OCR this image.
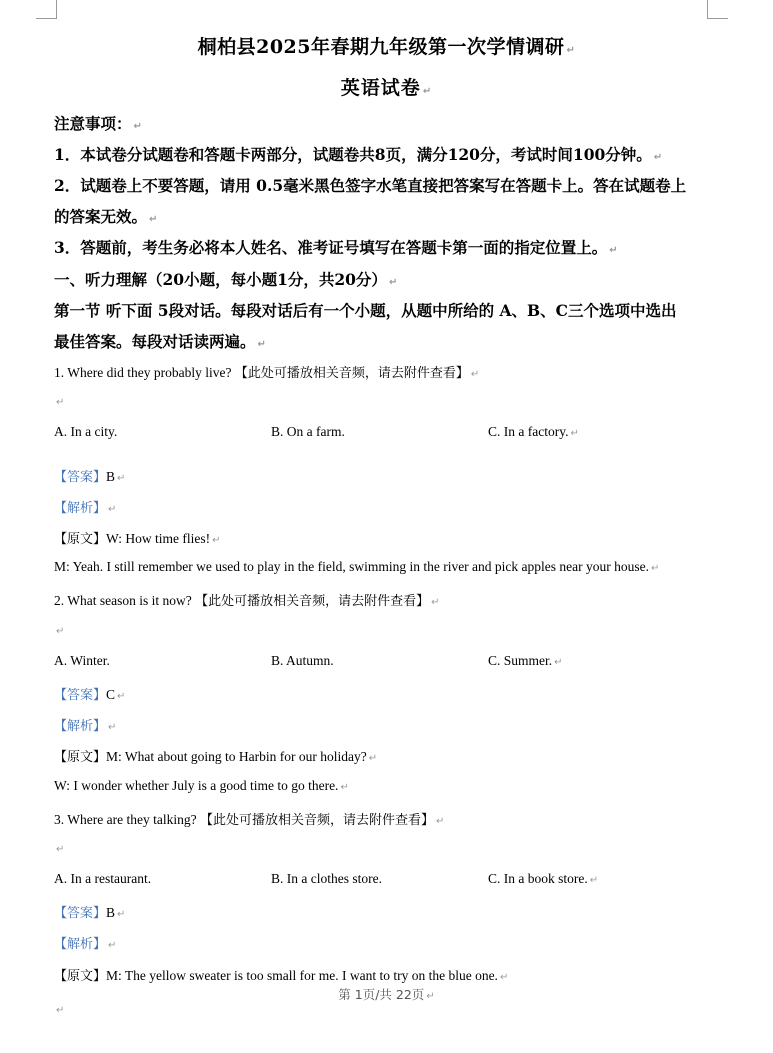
桐柏县2025年春期九年级第一次学情调研 ↵
英语试卷 ↵
注意事项： ↵
1．本试卷分试题卷和答题卡两部分，试题卷共8页，满分120分，考试时间100分钟。 ↵
2．试题卷上不要答题，请用 0.5毫米黑色签字水笔直接把答案写在答题卡上。答在试题卷上
的答案无效。 ↵
3．答题前，考生务必将本人姓名、准考证号填写在答题卡第一面的指定位置上。 ↵
一、听力理解（20小题，每小题1分，共20分） ↵
第一节 听下面 5段对话。每段对话后有一个小题，从题中所给的 A、B、C三个选项中选出
最佳答案。每段对话读两遍。 ↵
1. Where did they probably live? 【此处可播放相关音频，请去附件查看】 ↵
↵
A. In a city.	B. On a farm.	C. In a factory. ↵
【答案】B ↵
【解析】 ↵
【原文】W: How time flies! ↵
M: Yeah. I still remember we used to play in the field, swimming in the river and pick apples near your house. ↵
2. What season is it now? 【此处可播放相关音频，请去附件查看】 ↵
↵
A. Winter.	B. Autumn.	C. Summer. ↵
【答案】C ↵
【解析】 ↵
【原文】M: What about going to Harbin for our holiday? ↵
W: I wonder whether July is a good time to go there. ↵
3. Where are they talking? 【此处可播放相关音频，请去附件查看】 ↵
↵
A. In a restaurant.	B. In a clothes store.	C. In a book store. ↵
【答案】B ↵
【解析】 ↵
【原文】M: The yellow sweater is too small for me. I want to try on the blue one. ↵
第 1页/共 22页 ↵
↵
